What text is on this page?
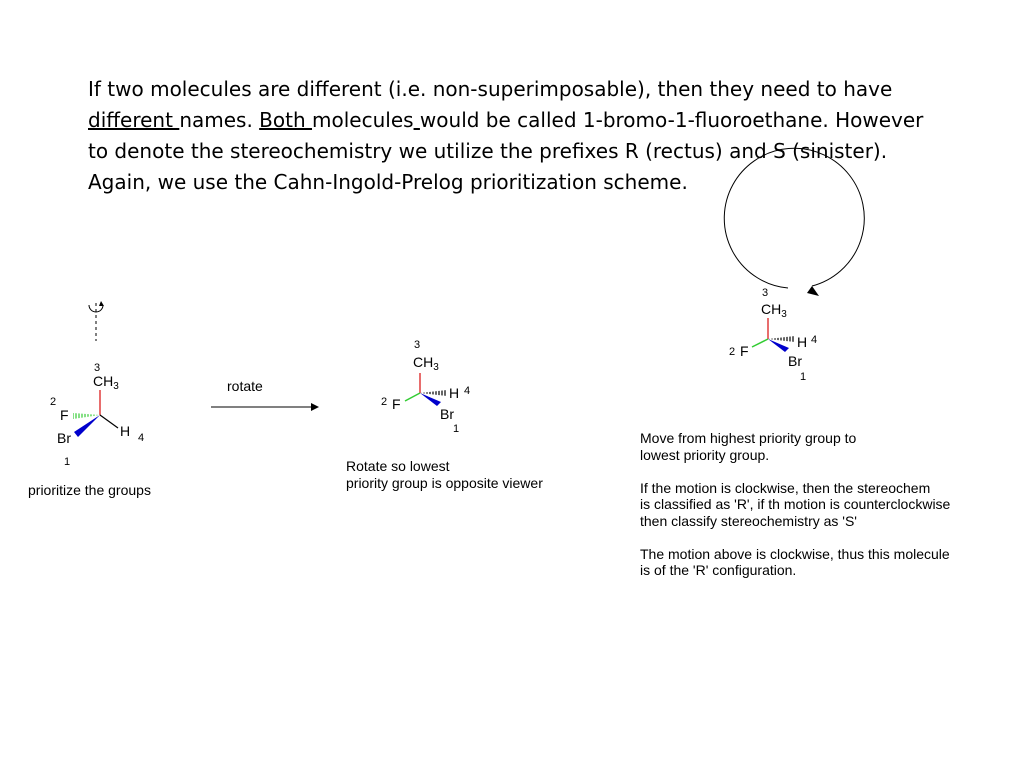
If two molecules are different (i.e. non-superimposable), then they need to have different names. Both molecules would be called 1-bromo-1-fluoroethane. However to denote the stereochemistry we utilize the prefixes R (rectus) and S (sinister). Again, we use the Cahn-Ingold-Prelog prioritization scheme.
3
$CH_3$
2
F
Br	H 4
1
rotate
3
$CH_3$
2 F
H 4
Br
1
3
$CH_3$
2 F
H 4
Br
1
prioritize the groups
Rotate so lowest
priority group is opposite viewer
Move from highest priority group to
lowest priority group.
If the motion is clockwise, then the stereochem
is classified as 'R', if th motion is counterclockwise
then classify stereochemistry as 'S'
The motion above is clockwise, thus this molecule
is of the 'R' configuration.
